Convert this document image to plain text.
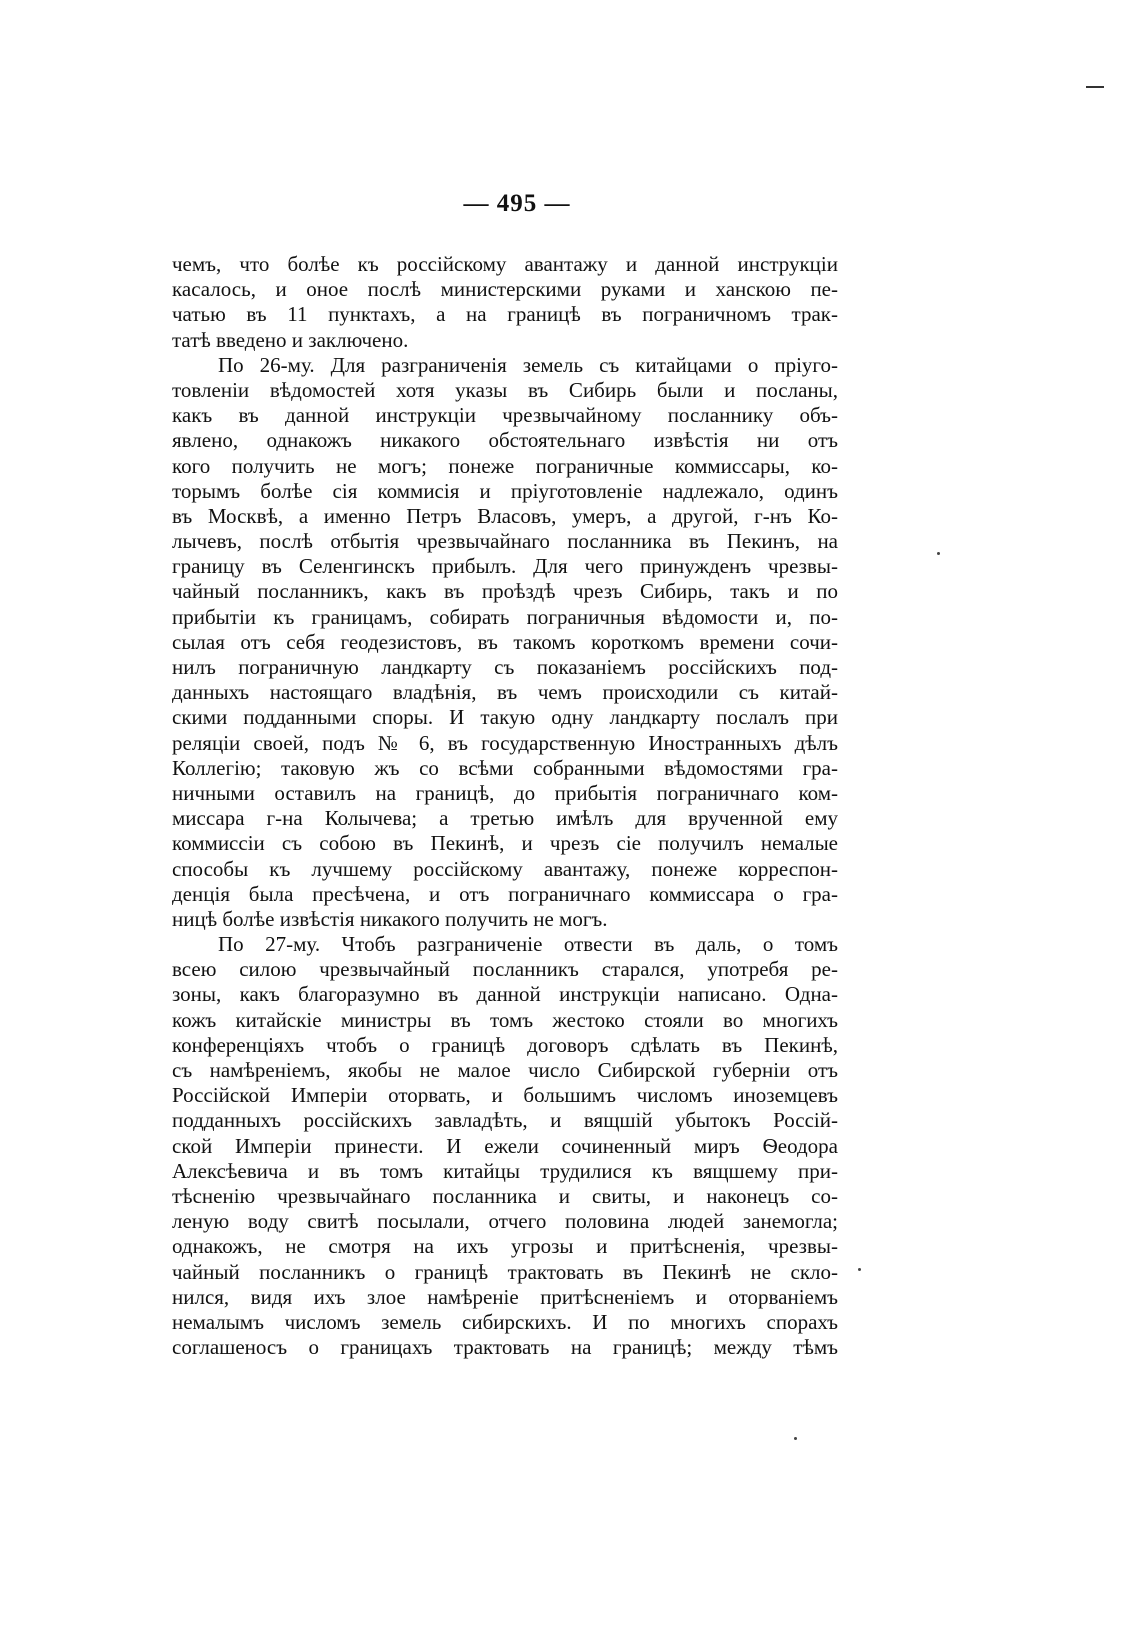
— 495 —
чемъ, что болѣе къ россійскому авантажу и данной инструкціи
касалось, и оное послѣ министерскими руками и ханскою пе-
чатью въ 11 пунктахъ, а на границѣ въ пограничномъ трак-
татѣ введено и заключено.
По 26-му. Для разграниченія земель съ китайцами о пріуго-
товленіи вѣдомостей хотя указы въ Сибирь были и посланы,
какъ въ данной инструкціи чрезвычайному посланнику объ-
явлено, однакожъ никакого обстоятельнаго извѣстія ни отъ
кого получить не могъ; понеже пограничные коммиссары, ко-
торымъ болѣе сія коммисія и пріуготовленіе надлежало, одинъ
въ Москвѣ, а именно Петръ Власовъ, умеръ, а другой, г-нъ Ко-
лычевъ, послѣ отбытія чрезвычайнаго посланника въ Пекинъ, на
границу въ Селенгинскъ прибылъ. Для чего принужденъ чрезвы-
чайный посланникъ, какъ въ проѣздѣ чрезъ Сибирь, такъ и по
прибытіи къ границамъ, собирать пограничныя вѣдомости и, по-
сылая отъ себя геодезистовъ, въ такомъ короткомъ времени сочи-
нилъ пограничную ландкарту съ показаніемъ россійскихъ под-
данныхъ настоящаго владѣнія, въ чемъ происходили съ китай-
скими подданными споры. И такую одну ландкарту послалъ при
реляціи своей, подъ № 6, въ государственную Иностранныхъ дѣлъ
Коллегію; таковую жъ со всѣми собранными вѣдомостями гра-
ничными оставилъ на границѣ, до прибытія пограничнаго ком-
миссара г-на Колычева; а третью имѣлъ для врученной ему
коммиссіи съ собою въ Пекинѣ, и чрезъ сіе получилъ немалые
способы къ лучшему россійскому авантажу, понеже корреспон-
денція была пресѣчена, и отъ пограничнаго коммиссара о гра-
ницѣ болѣе извѣстія никакого получить не могъ.
По 27-му. Чтобъ разграниченіе отвести въ даль, о томъ
всею силою чрезвычайный посланникъ старался, употребя ре-
зоны, какъ благоразумно въ данной инструкціи написано. Одна-
кожъ китайскіе министры въ томъ жестоко стояли во многихъ
конференціяхъ чтобъ о границѣ договоръ сдѣлать въ Пекинѣ,
съ намѣреніемъ, якобы не малое число Сибирской губерніи отъ
Россійской Имперіи оторвать, и большимъ числомъ иноземцевъ
подданныхъ россійскихъ завладѣть, и вящшій убытокъ Россій-
ской Имперіи принести. И ежели сочиненный миръ Ѳеодора
Алексѣевича и въ томъ китайцы трудилися къ вящшему при-
тѣсненію чрезвычайнаго посланника и свиты, и наконецъ со-
леную воду свитѣ посылали, отчего половина людей занемогла;
однакожъ, не смотря на ихъ угрозы и притѣсненія, чрезвы-
чайный посланникъ о границѣ трактовать въ Пекинѣ не скло-
нился, видя ихъ злое намѣреніе притѣсненіемъ и оторваніемъ
немалымъ числомъ земель сибирскихъ. И по многихъ спорахъ
соглашеносъ о границахъ трактовать на границѣ; между тѣмъ
